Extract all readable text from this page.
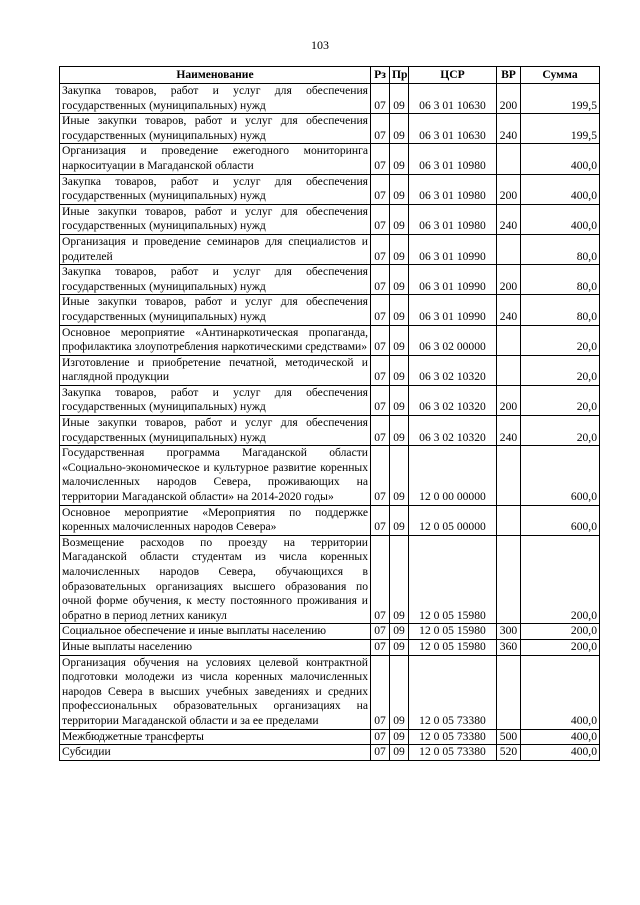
103
Наименование	Рз	Пр	ЦСР	ВР	Сумма
Закупка товаров, работ и услуг для обеспечения государственных (муниципальных) нужд	07	09	06 3 01 10630	200	199,5
Иные закупки товаров, работ и услуг для обеспечения государственных (муниципальных) нужд	07	09	06 3 01 10630	240	199,5
Организация и проведение ежегодного мониторинга наркоситуации в Магаданской области	07	09	06 3 01 10980		400,0
Закупка товаров, работ и услуг для обеспечения государственных (муниципальных) нужд	07	09	06 3 01 10980	200	400,0
Иные закупки товаров, работ и услуг для обеспечения государственных (муниципальных) нужд	07	09	06 3 01 10980	240	400,0
Организация и проведение семинаров для специалистов и родителей	07	09	06 3 01 10990		80,0
Закупка товаров, работ и услуг для обеспечения государственных (муниципальных) нужд	07	09	06 3 01 10990	200	80,0
Иные закупки товаров, работ и услуг для обеспечения государственных (муниципальных) нужд	07	09	06 3 01 10990	240	80,0
Основное мероприятие «Антинаркотическая пропаганда, профилактика злоупотребления наркотическими средствами»	07	09	06 3 02 00000		20,0
Изготовление и приобретение печатной, методической и наглядной продукции	07	09	06 3 02 10320		20,0
Закупка товаров, работ и услуг для обеспечения государственных (муниципальных) нужд	07	09	06 3 02 10320	200	20,0
Иные закупки товаров, работ и услуг для обеспечения государственных (муниципальных) нужд	07	09	06 3 02 10320	240	20,0
Государственная программа Магаданской области «Социально-экономическое и культурное развитие коренных малочисленных народов Севера, проживающих на территории Магаданской области» на 2014-2020 годы»	07	09	12 0 00 00000		600,0
Основное мероприятие «Мероприятия по поддержке коренных малочисленных народов Севера»	07	09	12 0 05 00000		600,0
Возмещение расходов по проезду на территории Магаданской области студентам из числа коренных малочисленных народов Севера, обучающихся в образовательных организациях высшего образования по очной форме обучения, к месту постоянного проживания и обратно в период летних каникул	07	09	12 0 05 15980		200,0
Социальное обеспечение и иные выплаты населению	07	09	12 0 05 15980	300	200,0
Иные выплаты населению	07	09	12 0 05 15980	360	200,0
Организация обучения на условиях целевой контрактной подготовки молодежи из числа коренных малочисленных народов Севера в высших учебных заведениях и средних профессиональных образовательных организациях на территории Магаданской области и за ее пределами	07	09	12 0 05 73380		400,0
Межбюджетные трансферты	07	09	12 0 05 73380	500	400,0
Субсидии	07	09	12 0 05 73380	520	400,0
